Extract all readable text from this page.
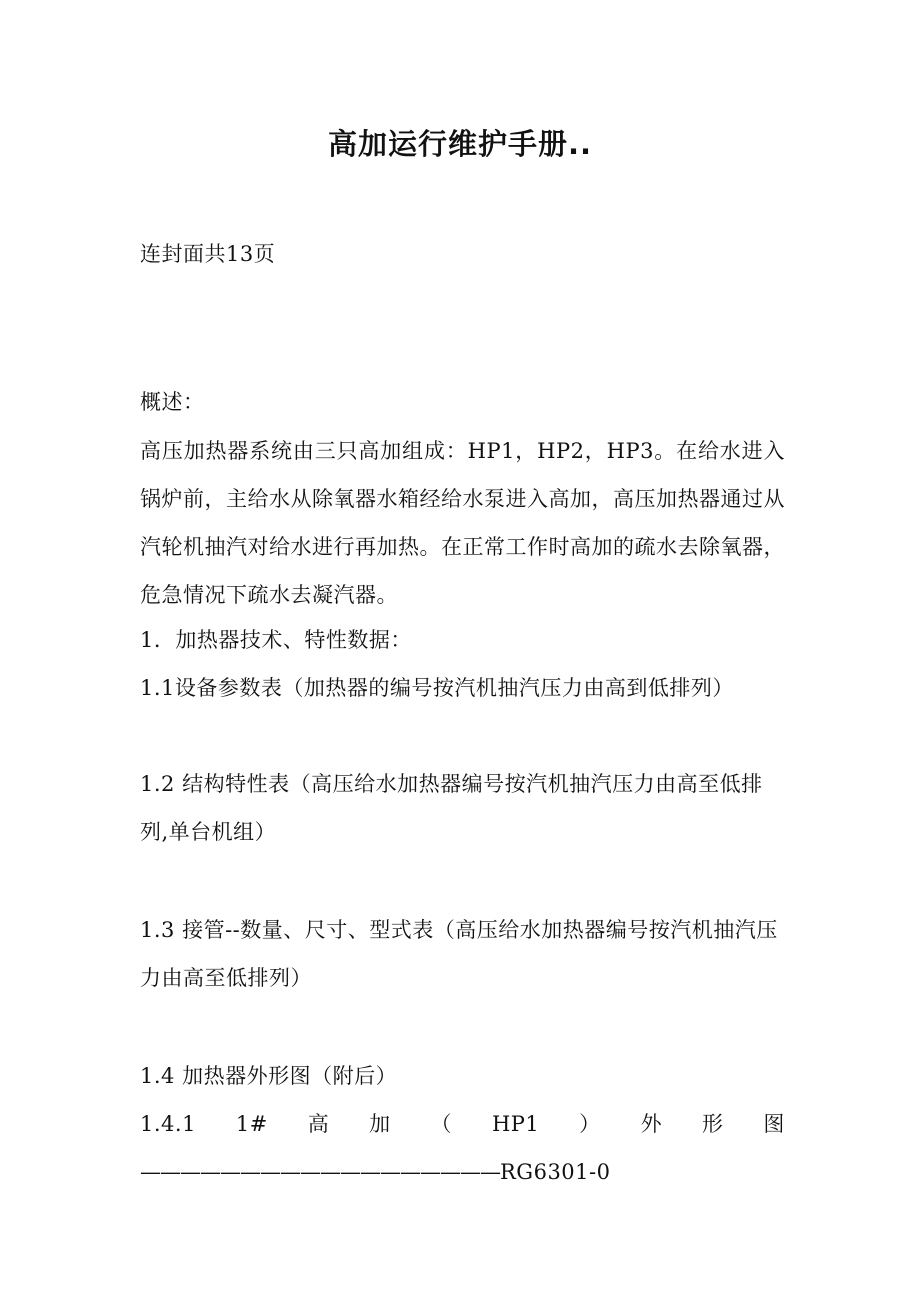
高加运行维护手册..
连封面共13页
概述：
高压加热器系统由三只高加组成：HP1，HP2，HP3。在给水进入锅炉前，主给水从除氧器水箱经给水泵进入高加，高压加热器通过从汽轮机抽汽对给水进行再加热。在正常工作时高加的疏水去除氧器，危急情况下疏水去凝汽器。
1．加热器技术、特性数据：
1.1设备参数表（加热器的编号按汽机抽汽压力由高到低排列）
1.2 结构特性表（高压给水加热器编号按汽机抽汽压力由高至低排列,单台机组）
1.3 接管--数量、尺寸、型式表（高压给水加热器编号按汽机抽汽压力由高至低排列）
1.4 加热器外形图（附后）
1.4.1 1# 高 加 （ HP1 ） 外 形 图
——————————————————RG6301-0
